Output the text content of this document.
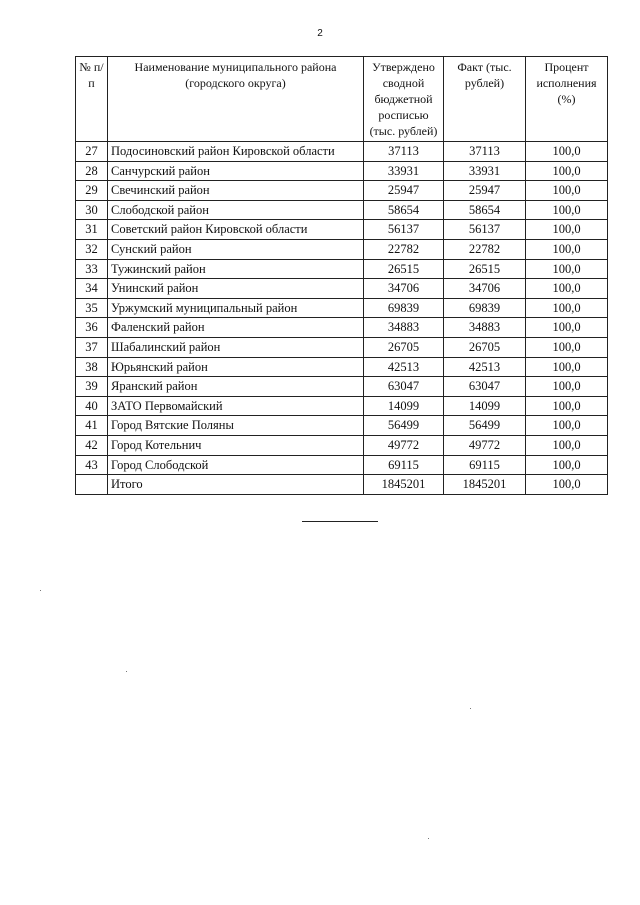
2
№ п/п	Наименование муниципального района (городского округа)	Утверждено сводной бюджетной росписью (тыс. рублей)	Факт (тыс. рублей)	Процент исполнения (%)
27	Подосиновский район Кировской области	37113	37113	100,0
28	Санчурский район	33931	33931	100,0
29	Свечинский район	25947	25947	100,0
30	Слободской район	58654	58654	100,0
31	Советский район Кировской области	56137	56137	100,0
32	Сунский район	22782	22782	100,0
33	Тужинский район	26515	26515	100,0
34	Унинский район	34706	34706	100,0
35	Уржумский муниципальный район	69839	69839	100,0
36	Фаленский район	34883	34883	100,0
37	Шабалинский район	26705	26705	100,0
38	Юрьянский район	42513	42513	100,0
39	Яранский район	63047	63047	100,0
40	ЗАТО Первомайский	14099	14099	100,0
41	Город Вятские Поляны	56499	56499	100,0
42	Город Котельнич	49772	49772	100,0
43	Город Слободской	69115	69115	100,0
	Итого	1845201	1845201	100,0
